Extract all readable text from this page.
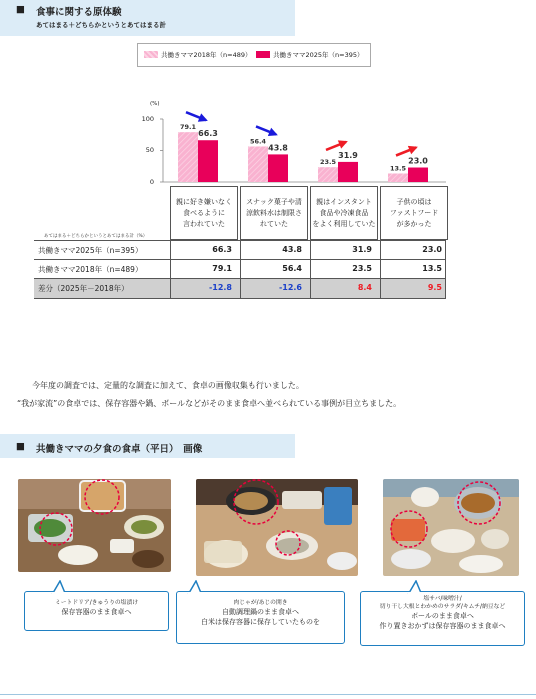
■ 食事に関する原体験
あてはまる＋どちらかというとあてはまる計
共働きママ2018年（n=489）	共働きママ2025年（n=395）
(%)
100
50
0
79.1
66.3
56.4
43.8
23.5
31.9
13.5
23.0
親に好き嫌いなく
食べるように
言われていた
スナック菓子や清
涼飲料水は制限さ
れていた
親はインスタント
食品や冷凍食品
をよく利用していた
子供の頃は
ファストフード
が多かった
あてはまる＋どちらかというとあてはまる計（%）
共働きママ2025年（n=395）	66.3	43.8	31.9	23.0
共働きママ2018年（n=489）	79.1	56.4	23.5	13.5
差分（2025年－2018年）	-12.8	-12.6	8.4	9.5
今年度の調査では、定量的な調査に加えて、食卓の画像収集も行いました。
“我が家流”の食卓では、保存容器や鍋、ボールなどがそのまま食卓へ並べられている事例が目立ちました。
■ 共働きママの夕食の食卓（平日）　画像
ミートドリア/きゅうりの塩漬け
保存容器のまま食卓へ
肉じゃが/あじの開き
自動調理鍋のまま食卓へ
白米は保存容器に保存していたものを
塩サバ/味噌汁/
切り干し大根とわかめのサラダ/キムチ/納豆など
ボールのまま食卓へ
作り置きおかずは保存容器のまま食卓へ
